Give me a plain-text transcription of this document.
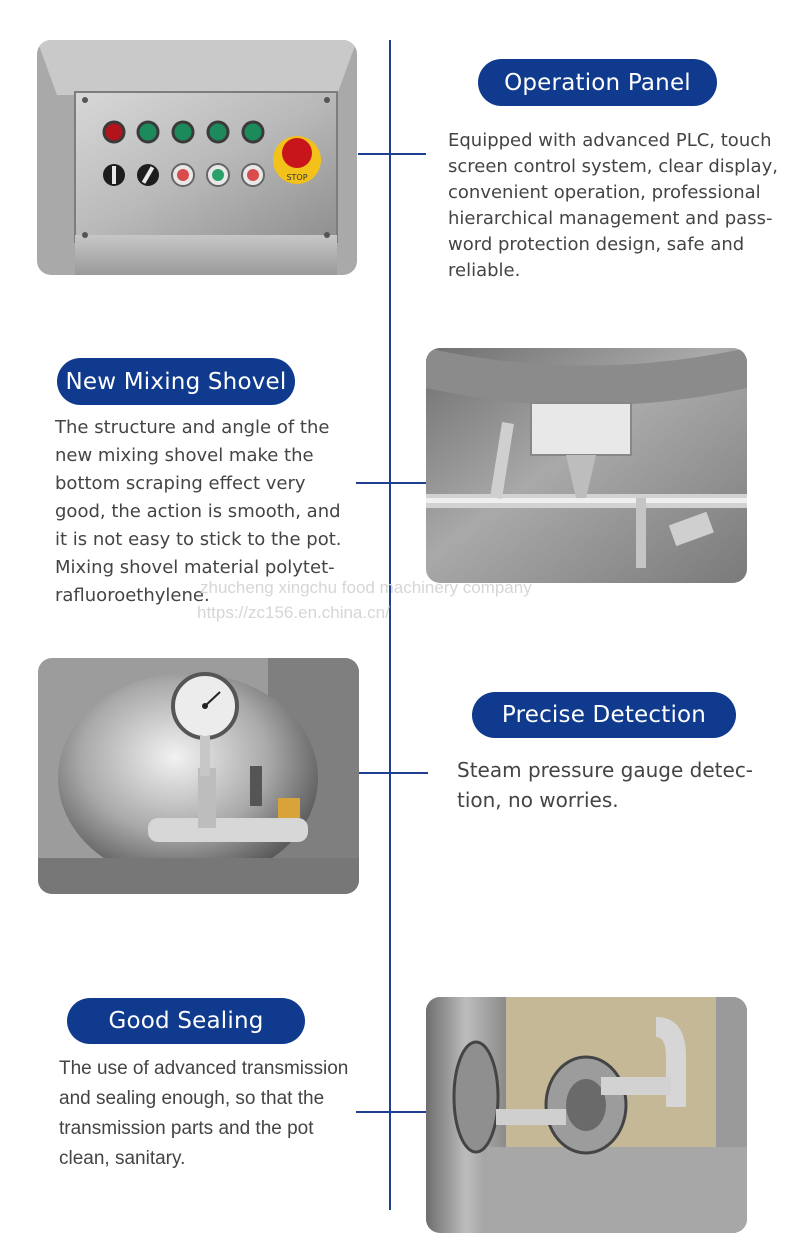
STOP
Operation Panel
Equipped with advanced PLC, touch screen control system, clear display, convenient operation, professional hierarchical management and pass-word protection design, safe and reliable.
New Mixing Shovel
The structure and angle of the new mixing shovel make the bottom scraping effect very good, the action is smooth, and it is not easy to stick to the pot. Mixing shovel material polytet-rafluoroethylene.
zhucheng xingchu food machinery company
https://zc156.en.china.cn/
Precise Detection
Steam pressure gauge detec-tion, no worries.
Good Sealing
The use of advanced transmission and sealing enough, so that the transmission parts and the pot clean, sanitary.
